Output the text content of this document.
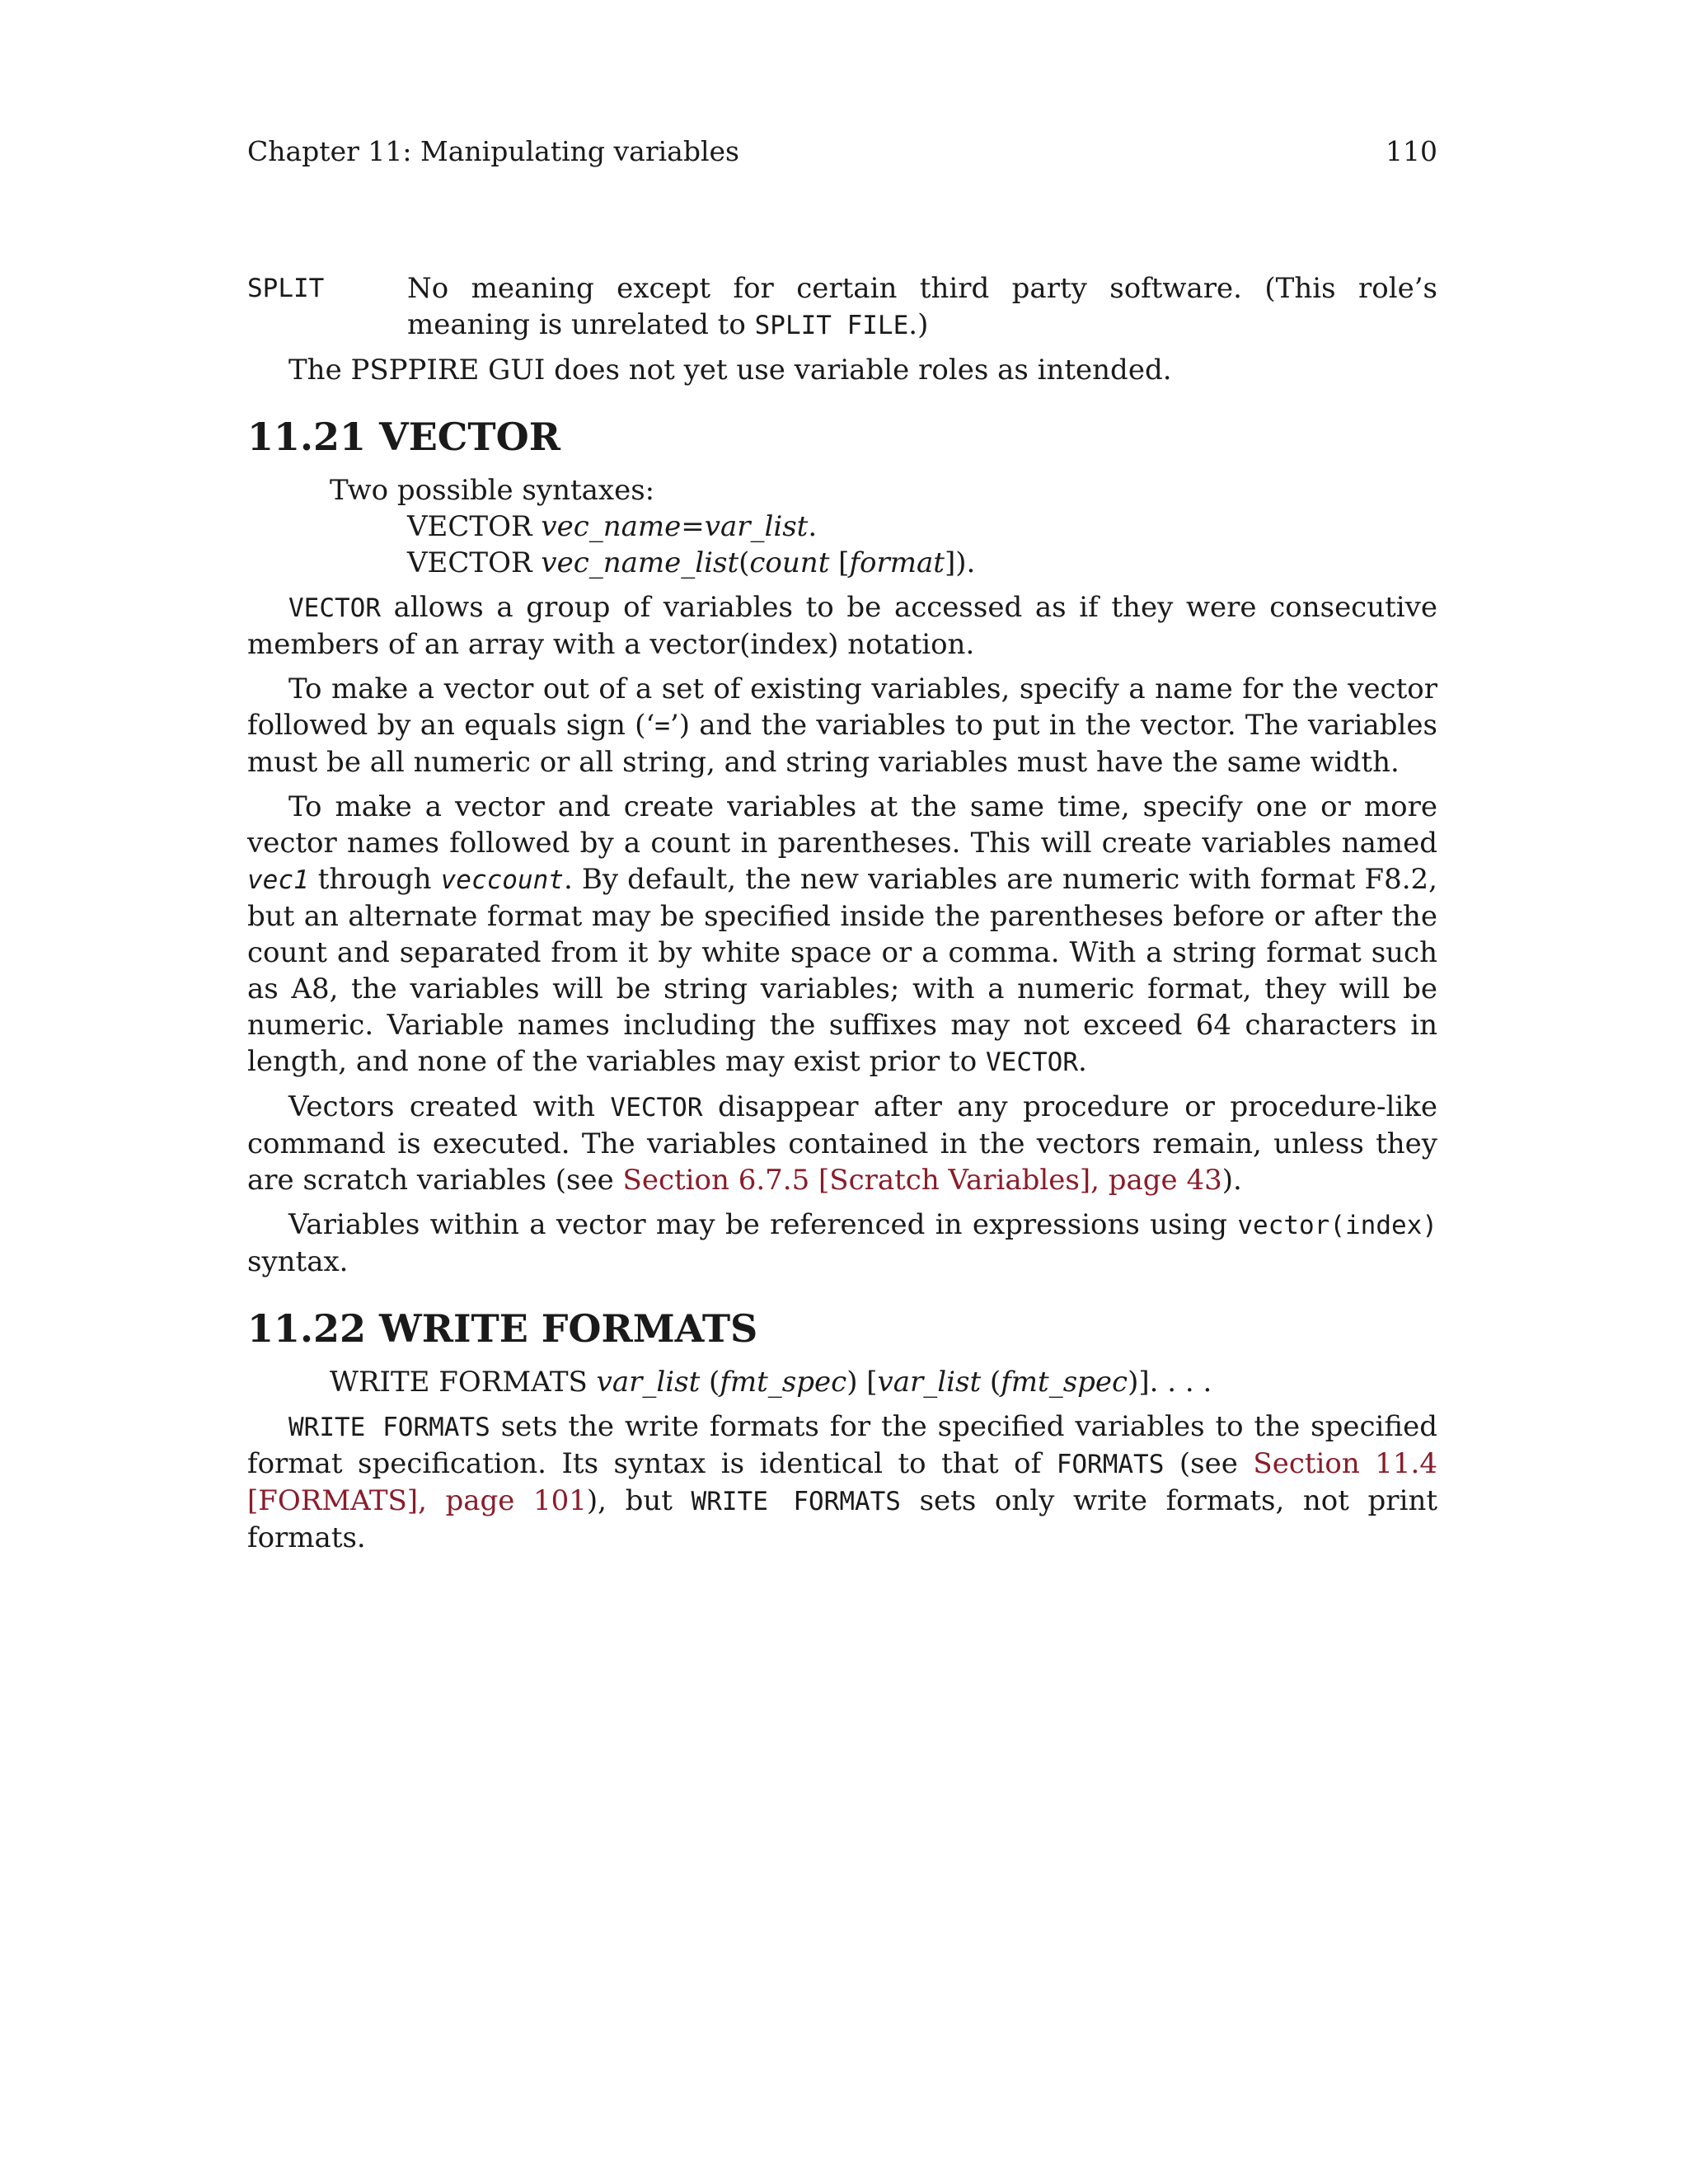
Chapter 11: Manipulating variables	110
SPLIT	No meaning except for certain third party software. (This role’s meaning is unrelated to SPLIT FILE.)

The PSPPIRE GUI does not yet use variable roles as intended.

11.21 VECTOR
Two possible syntaxes:
VECTOR vec_name=var_list.
VECTOR vec_name_list(count [format]).

VECTOR allows a group of variables to be accessed as if they were consecutive members of an array with a vector(index) notation.

To make a vector out of a set of existing variables, specify a name for the vector followed by an equals sign (‘=’) and the variables to put in the vector. The variables must be all numeric or all string, and string variables must have the same width.

To make a vector and create variables at the same time, specify one or more vector names followed by a count in parentheses. This will create variables named vec1 through veccount. By default, the new variables are numeric with format F8.2, but an alternate format may be specified inside the parentheses before or after the count and separated from it by white space or a comma. With a string format such as A8, the variables will be string variables; with a numeric format, they will be numeric. Variable names including the suffixes may not exceed 64 characters in length, and none of the variables may exist prior to VECTOR.

Vectors created with VECTOR disappear after any procedure or procedure-like command is executed. The variables contained in the vectors remain, unless they are scratch variables (see Section 6.7.5 [Scratch Variables], page 43).

Variables within a vector may be referenced in expressions using vector(index) syntax.

11.22 WRITE FORMATS
WRITE FORMATS var_list (fmt_spec) [var_list (fmt_spec)]. . . .

WRITE FORMATS sets the write formats for the specified variables to the specified format specification. Its syntax is identical to that of FORMATS (see Section 11.4 [FORMATS], page 101), but WRITE FORMATS sets only write formats, not print formats.
